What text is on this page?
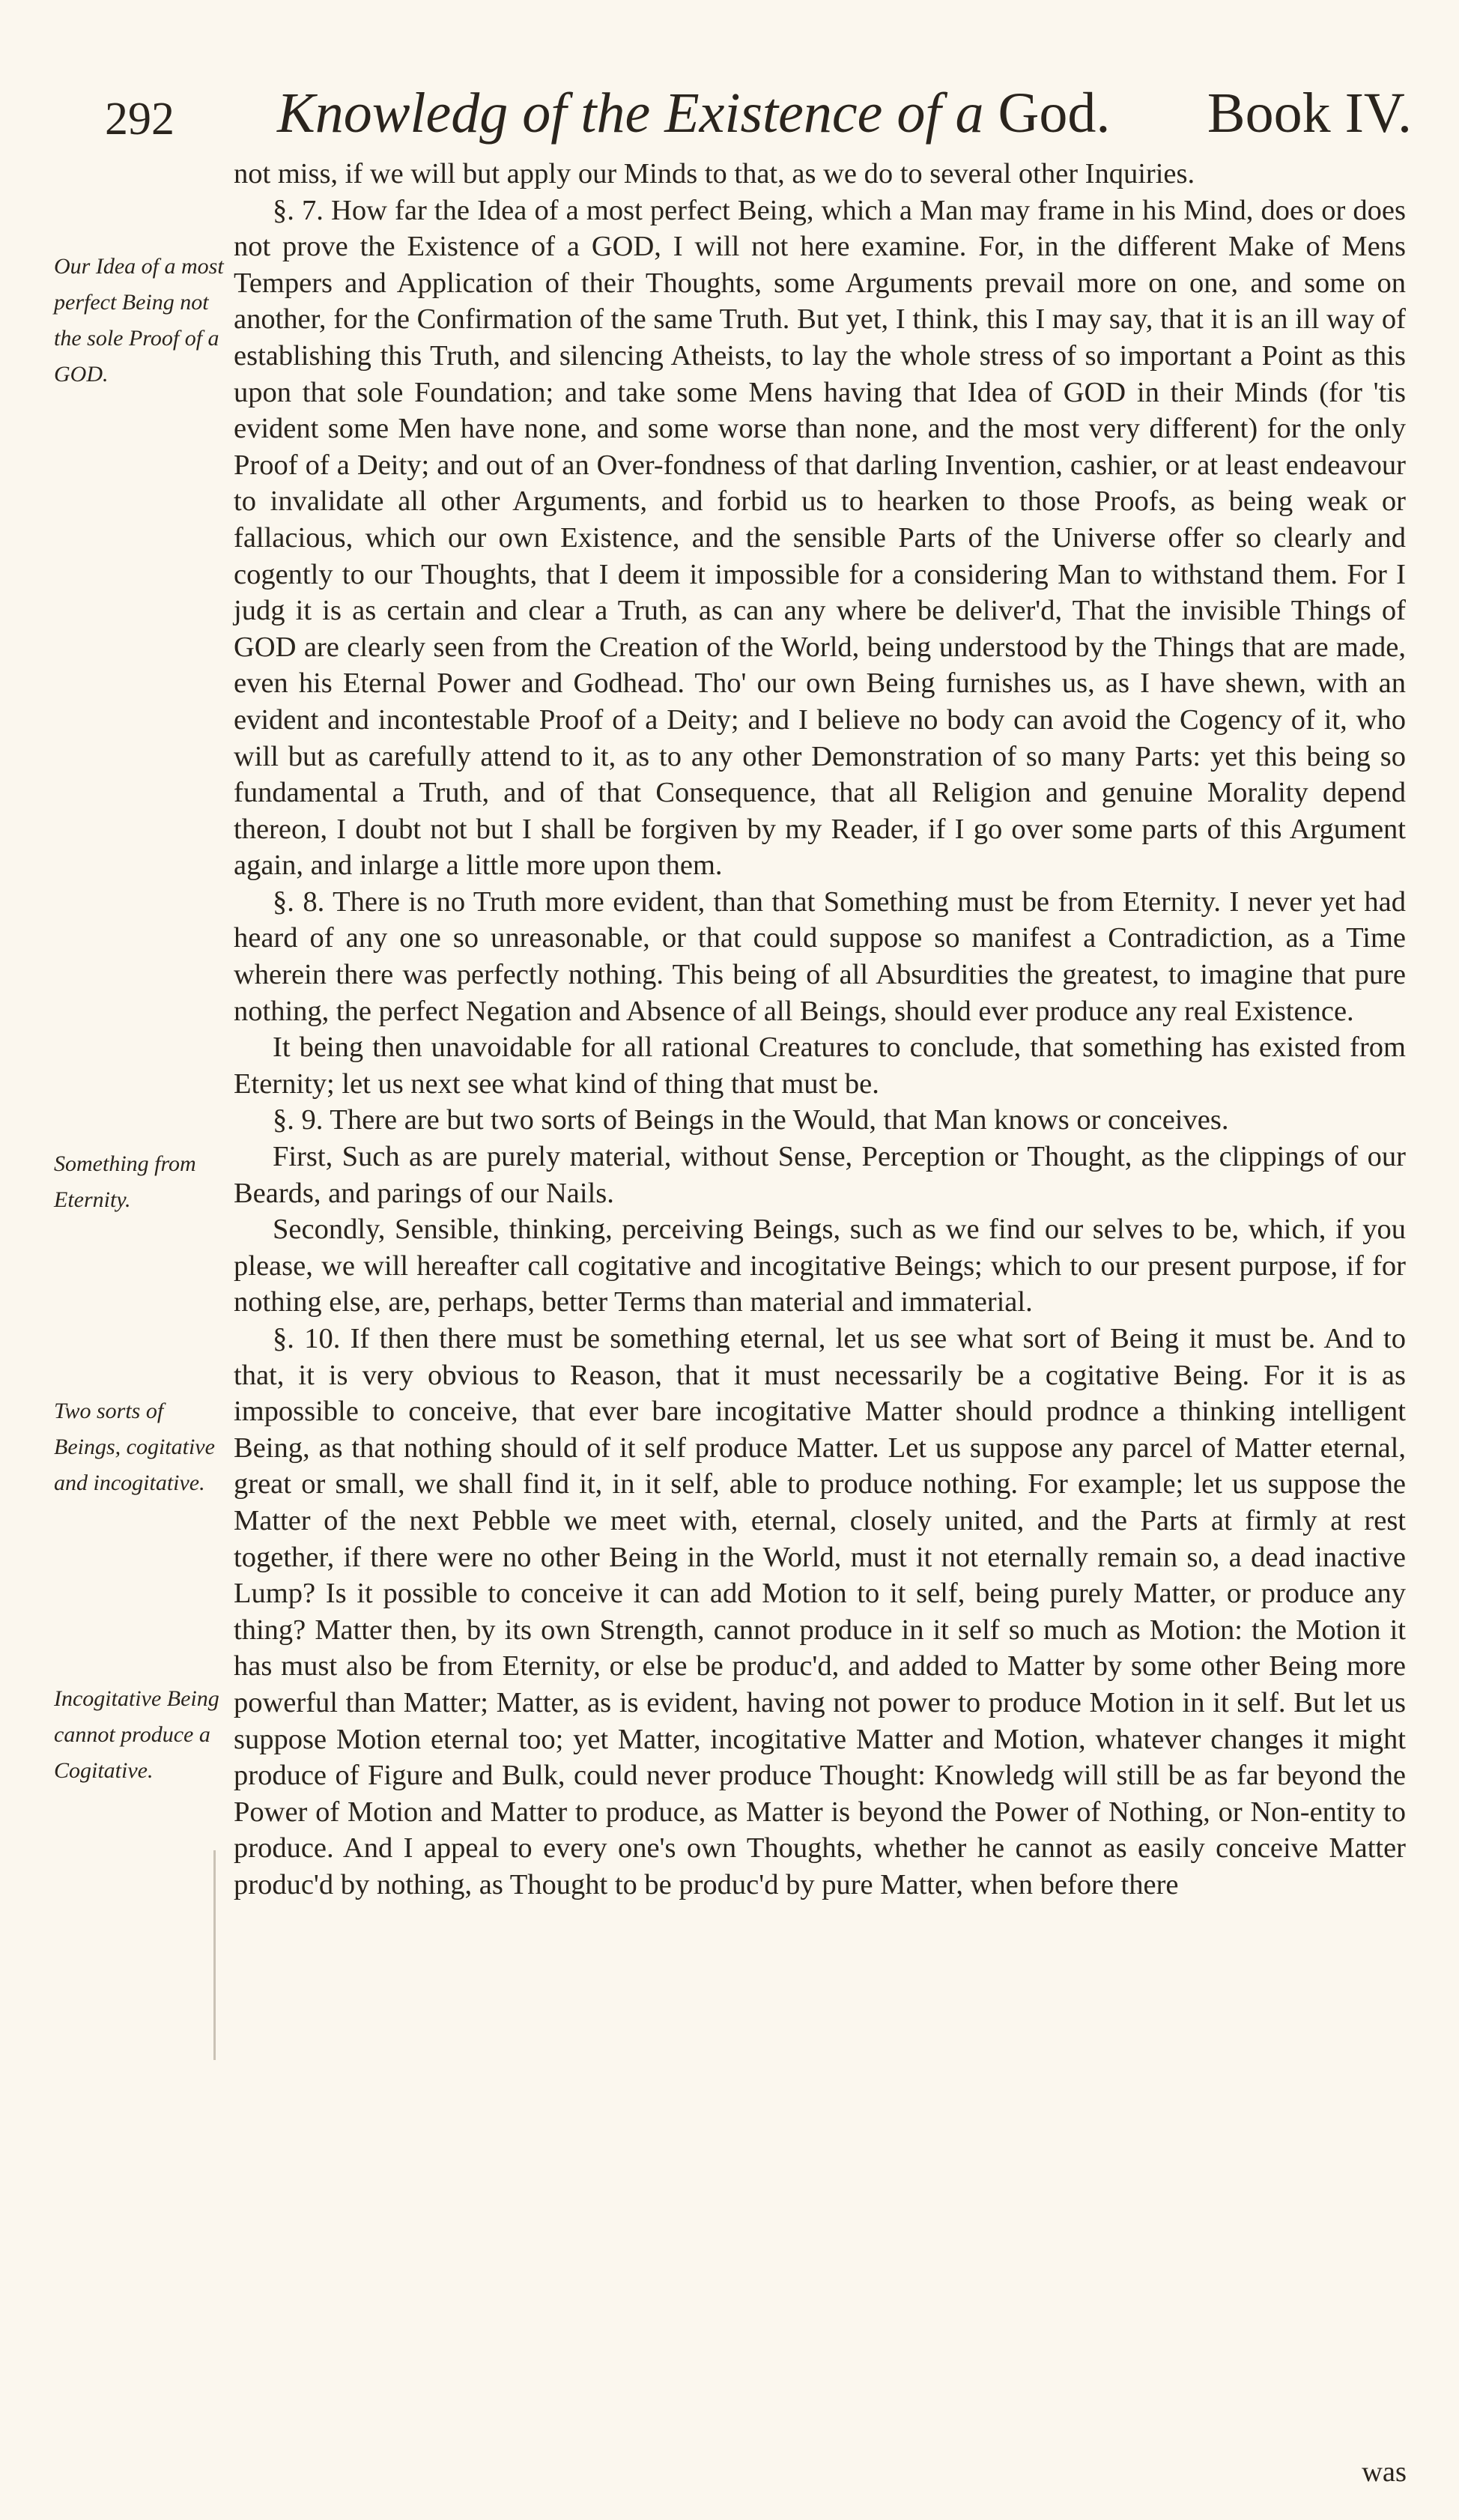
292 Knowledg of the Existence of a God. Book IV.
Our Idea of a most perfect Being not the sole Proof of a GOD.
Something from Eternity.
Two sorts of Beings, cogitative and incogitative.
Incogitative Being cannot produce a Cogitative.

not miss, if we will but apply our Minds to that, as we do to several other Inquiries.

§. 7. How far the Idea of a most perfect Being, which a Man may frame in his Mind, does or does not prove the Existence of a GOD, I will not here examine. For, in the different Make of Mens Tempers and Application of their Thoughts, some Arguments prevail more on one, and some on another, for the Confirmation of the same Truth. But yet, I think, this I may say, that it is an ill way of establishing this Truth, and silencing Atheists, to lay the whole stress of so important a Point as this upon that sole Foundation; and take some Mens having that Idea of GOD in their Minds (for 'tis evident some Men have none, and some worse than none, and the most very different) for the only Proof of a Deity; and out of an Over-fondness of that darling Invention, cashier, or at least endeavour to invalidate all other Arguments, and forbid us to hearken to those Proofs, as being weak or fallacious, which our own Existence, and the sensible Parts of the Universe offer so clearly and cogently to our Thoughts, that I deem it impossible for a considering Man to withstand them. For I judg it is as certain and clear a Truth, as can any where be deliver'd, That the invisible Things of GOD are clearly seen from the Creation of the World, being understood by the Things that are made, even his Eternal Power and Godhead. Tho' our own Being furnishes us, as I have shewn, with an evident and incontestable Proof of a Deity; and I believe no body can avoid the Cogency of it, who will but as carefully attend to it, as to any other Demonstration of so many Parts: yet this being so fundamental a Truth, and of that Consequence, that all Religion and genuine Morality depend thereon, I doubt not but I shall be forgiven by my Reader, if I go over some parts of this Argument again, and inlarge a little more upon them.

§. 8. There is no Truth more evident, than that Something must be from Eternity. I never yet had heard of any one so unreasonable, or that could suppose so manifest a Contradiction, as a Time wherein there was perfectly nothing. This being of all Absurdities the greatest, to imagine that pure nothing, the perfect Negation and Absence of all Beings, should ever produce any real Existence.

It being then unavoidable for all rational Creatures to conclude, that something has existed from Eternity; let us next see what kind of thing that must be.

§. 9. There are but two sorts of Beings in the Would, that Man knows or conceives.

First, Such as are purely material, without Sense, Perception or Thought, as the clippings of our Beards, and parings of our Nails.

Secondly, Sensible, thinking, perceiving Beings, such as we find our selves to be, which, if you please, we will hereafter call cogitative and incogitative Beings; which to our present purpose, if for nothing else, are, perhaps, better Terms than material and immaterial.

§. 10. If then there must be something eternal, let us see what sort of Being it must be. And to that, it is very obvious to Reason, that it must necessarily be a cogitative Being. For it is as impossible to conceive, that ever bare incogitative Matter should prodnce a thinking intelligent Being, as that nothing should of it self produce Matter. Let us suppose any parcel of Matter eternal, great or small, we shall find it, in it self, able to produce nothing. For example; let us suppose the Matter of the next Pebble we meet with, eternal, closely united, and the Parts at firmly at rest together, if there were no other Being in the World, must it not eternally remain so, a dead inactive Lump? Is it possible to conceive it can add Motion to it self, being purely Matter, or produce any thing? Matter then, by its own Strength, cannot produce in it self so much as Motion: the Motion it has must also be from Eternity, or else be produc'd, and added to Matter by some other Being more powerful than Matter; Matter, as is evident, having not power to produce Motion in it self. But let us suppose Motion eternal too; yet Matter, incogitative Matter and Motion, whatever changes it might produce of Figure and Bulk, could never produce Thought: Knowledg will still be as far beyond the Power of Motion and Matter to produce, as Matter is beyond the Power of Nothing, or Non-entity to produce. And I appeal to every one's own Thoughts, whether he cannot as easily conceive Matter produc'd by nothing, as Thought to be produc'd by pure Matter, when before there

was
